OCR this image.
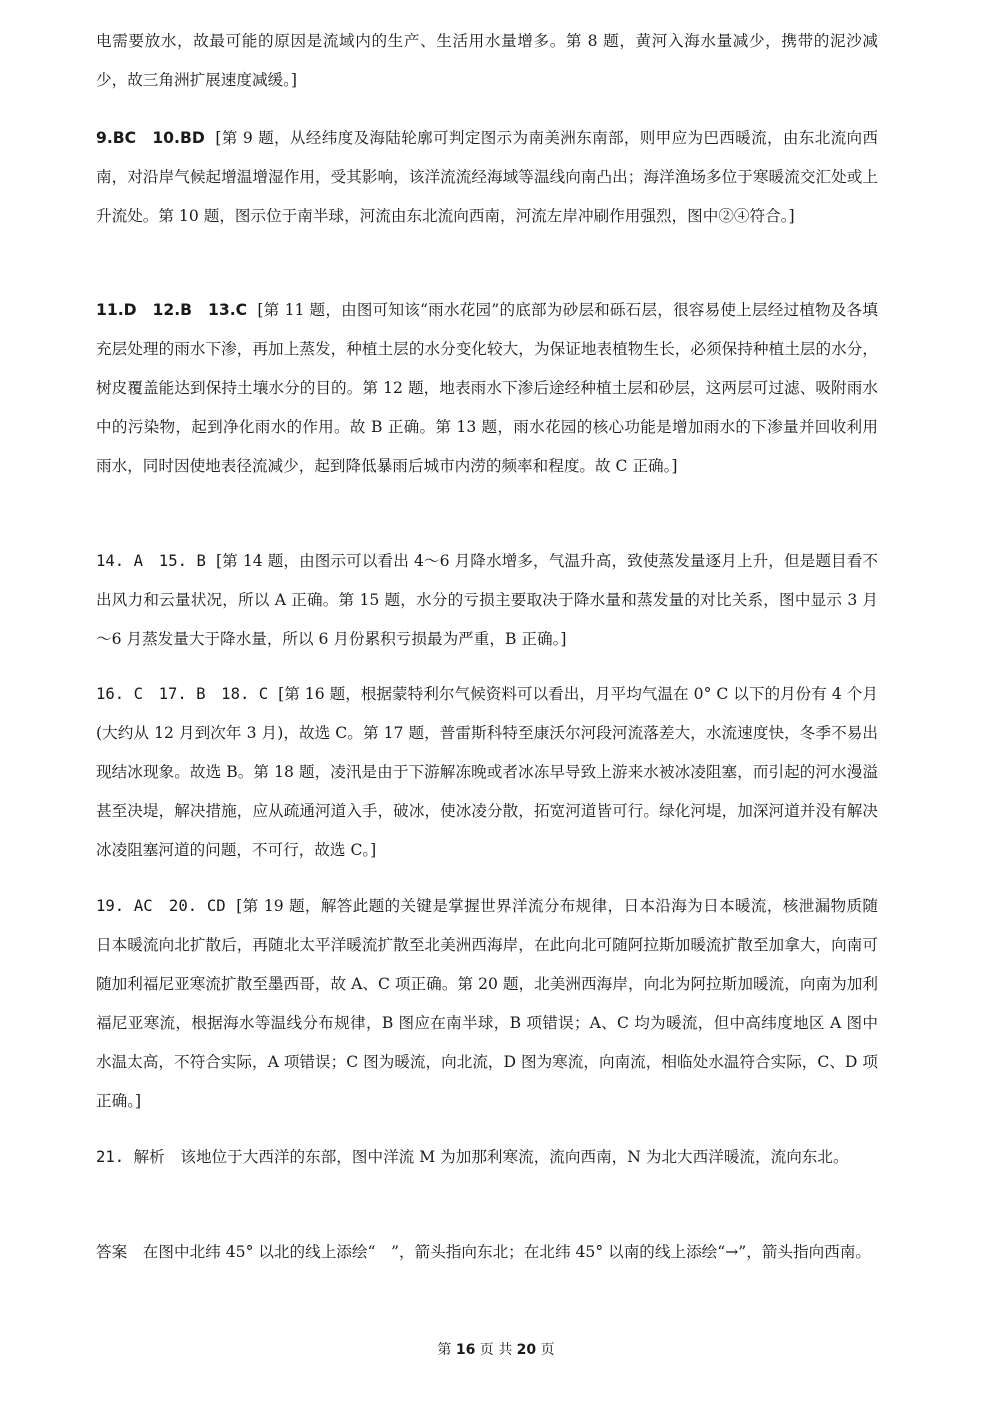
电需要放水，故最可能的原因是流域内的生产、生活用水量增多。第 8 题，黄河入海水量减少，携带的泥沙减少，故三角洲扩展速度减缓。]

9.BC　10.BD [第 9 题，从经纬度及海陆轮廓可判定图示为南美洲东南部，则甲应为巴西暖流，由东北流向西南，对沿岸气候起增温增湿作用，受其影响，该洋流流经海域等温线向南凸出；海洋渔场多位于寒暖流交汇处或上升流处。第 10 题，图示位于南半球，河流由东北流向西南，河流左岸冲刷作用强烈，图中②④符合。]

11.D　12.B　13.C [第 11 题，由图可知该“雨水花园”的底部为砂层和砾石层，很容易使上层经过植物及各填充层处理的雨水下渗，再加上蒸发，种植土层的水分变化较大，为保证地表植物生长，必须保持种植土层的水分，树皮覆盖能达到保持土壤水分的目的。第 12 题，地表雨水下渗后途经种植土层和砂层，这两层可过滤、吸附雨水中的污染物，起到净化雨水的作用。故 B 正确。第 13 题，雨水花园的核心功能是增加雨水的下渗量并回收利用雨水，同时因使地表径流减少，起到降低暴雨后城市内涝的频率和程度。故 C 正确。]

14. A　15. B [第 14 题，由图示可以看出 4～6 月降水增多，气温升高，致使蒸发量逐月上升，但是题目看不出风力和云量状况，所以 A 正确。第 15 题，水分的亏损主要取决于降水量和蒸发量的对比关系，图中显示 3 月～6 月蒸发量大于降水量，所以 6 月份累积亏损最为严重，B 正确。]

16. C　17. B　18. C [第 16 题，根据蒙特利尔气候资料可以看出，月平均气温在 0° C 以下的月份有 4 个月(大约从 12 月到次年 3 月)，故选 C。第 17 题，普雷斯科特至康沃尔河段河流落差大，水流速度快，冬季不易出现结冰现象。故选 B。第 18 题，凌汛是由于下游解冻晚或者冰冻早导致上游来水被冰凌阻塞，而引起的河水漫溢甚至决堤，解决措施，应从疏通河道入手，破冰，使冰凌分散，拓宽河道皆可行。绿化河堤，加深河道并没有解决冰凌阻塞河道的问题，不可行，故选 C。]

19. AC　20. CD [第 19 题，解答此题的关键是掌握世界洋流分布规律，日本沿海为日本暖流，核泄漏物质随日本暖流向北扩散后，再随北太平洋暖流扩散至北美洲西海岸，在此向北可随阿拉斯加暖流扩散至加拿大，向南可随加利福尼亚寒流扩散至墨西哥，故 A、C 项正确。第 20 题，北美洲西海岸，向北为阿拉斯加暖流，向南为加利福尼亚寒流，根据海水等温线分布规律，B 图应在南半球，B 项错误；A、C 均为暖流，但中高纬度地区 A 图中水温太高，不符合实际，A 项错误；C 图为暖流，向北流，D 图为寒流，向南流，相临处水温符合实际，C、D 项正确。]

21. 解析　该地位于大西洋的东部，图中洋流 M 为加那利寒流，流向西南，N 为北大西洋暖流，流向东北。

答案　在图中北纬 45° 以北的线上添绘“　”，箭头指向东北；在北纬 45° 以南的线上添绘“→”，箭头指向西南。

第 16 页 共 20 页
